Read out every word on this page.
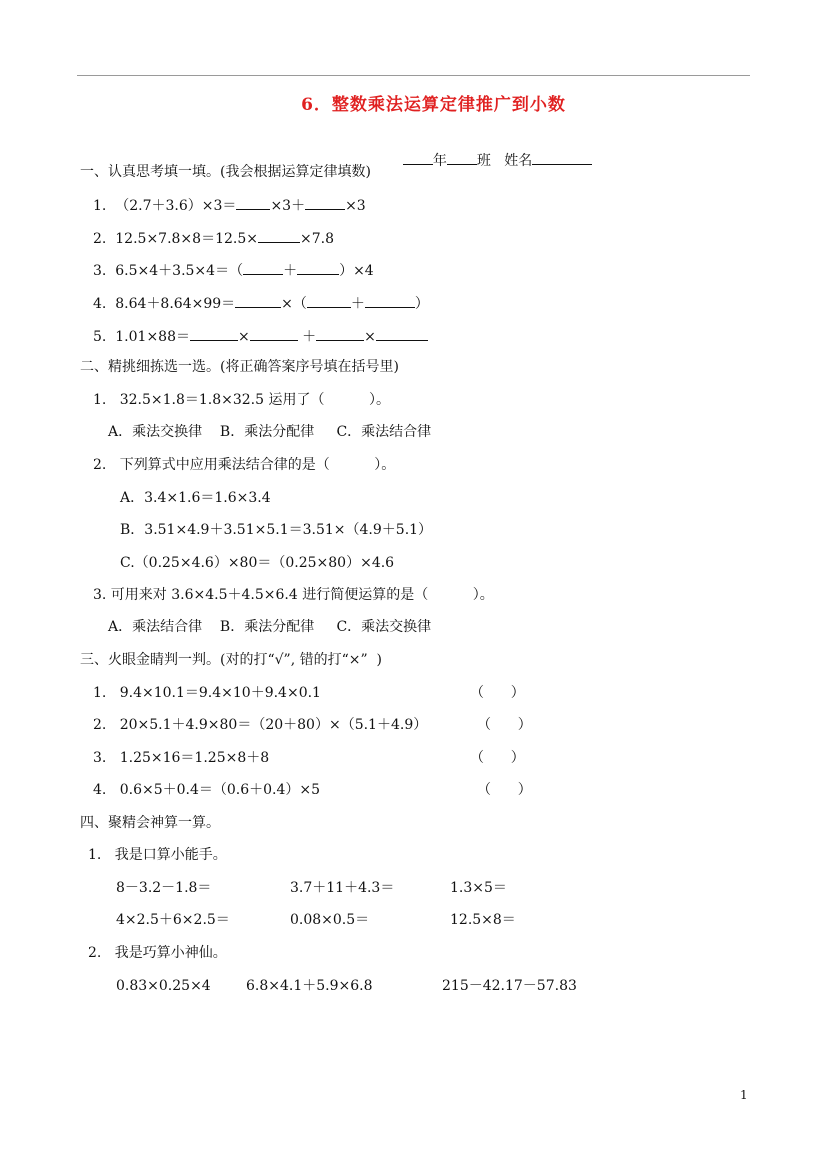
6．整数乘法运算定律推广到小数

年 班 姓名

一、认真思考填一填。(我会根据运算定律填数)
1. （2.7＋3.6）×3＝ ×3＋	×3
2. 12.5×7.8×8＝12.5×	×7.8
3. 6.5×4＋3.5×4＝（	＋	）×4
4. 8.64＋8.64×99＝	×（	＋	）
5. 1.01×88＝	×	＋	×
二、精挑细拣选一选。(将正确答案序号填在括号里)
1.   32.5×1.8＝1.8×32.5 运用了（          ）。
A．乘法交换律    B．乘法分配律     C．乘法结合律
2.   下列算式中应用乘法结合律的是（          ）。
A．3.4×1.6＝1.6×3.4
B．3.51×4.9＋3.51×5.1＝3.51×（4.9＋5.1）
C.（0.25×4.6）×80＝（0.25×80）×4.6
3. 可用来对 3.6×4.5＋4.5×6.4 进行简便运算的是（          ）。
A．乘法结合律    B．乘法分配律     C．乘法交换律
三、火眼金睛判一判。(对的打“√”, 错的打“×”  )
1. 9.4×10.1＝9.4×10＋9.4×0.1	（      ）
2. 20×5.1＋4.9×80＝（20＋80）×（5.1＋4.9）	（      ）
3. 1.25×16＝1.25×8＋8	（      ）
4. 0.6×5＋0.4＝（0.6＋0.4）×5	（      ）
四、聚精会神算一算。
1.   我是口算小能手。
8－3.2－1.8＝	3.7＋11＋4.3＝	1.3×5＝
4×2.5＋6×2.5＝	0.08×0.5＝	12.5×8＝
2.   我是巧算小神仙。
0.83×0.25×4	6.8×4.1＋5.9×6.8	215－42.17－57.83
1
